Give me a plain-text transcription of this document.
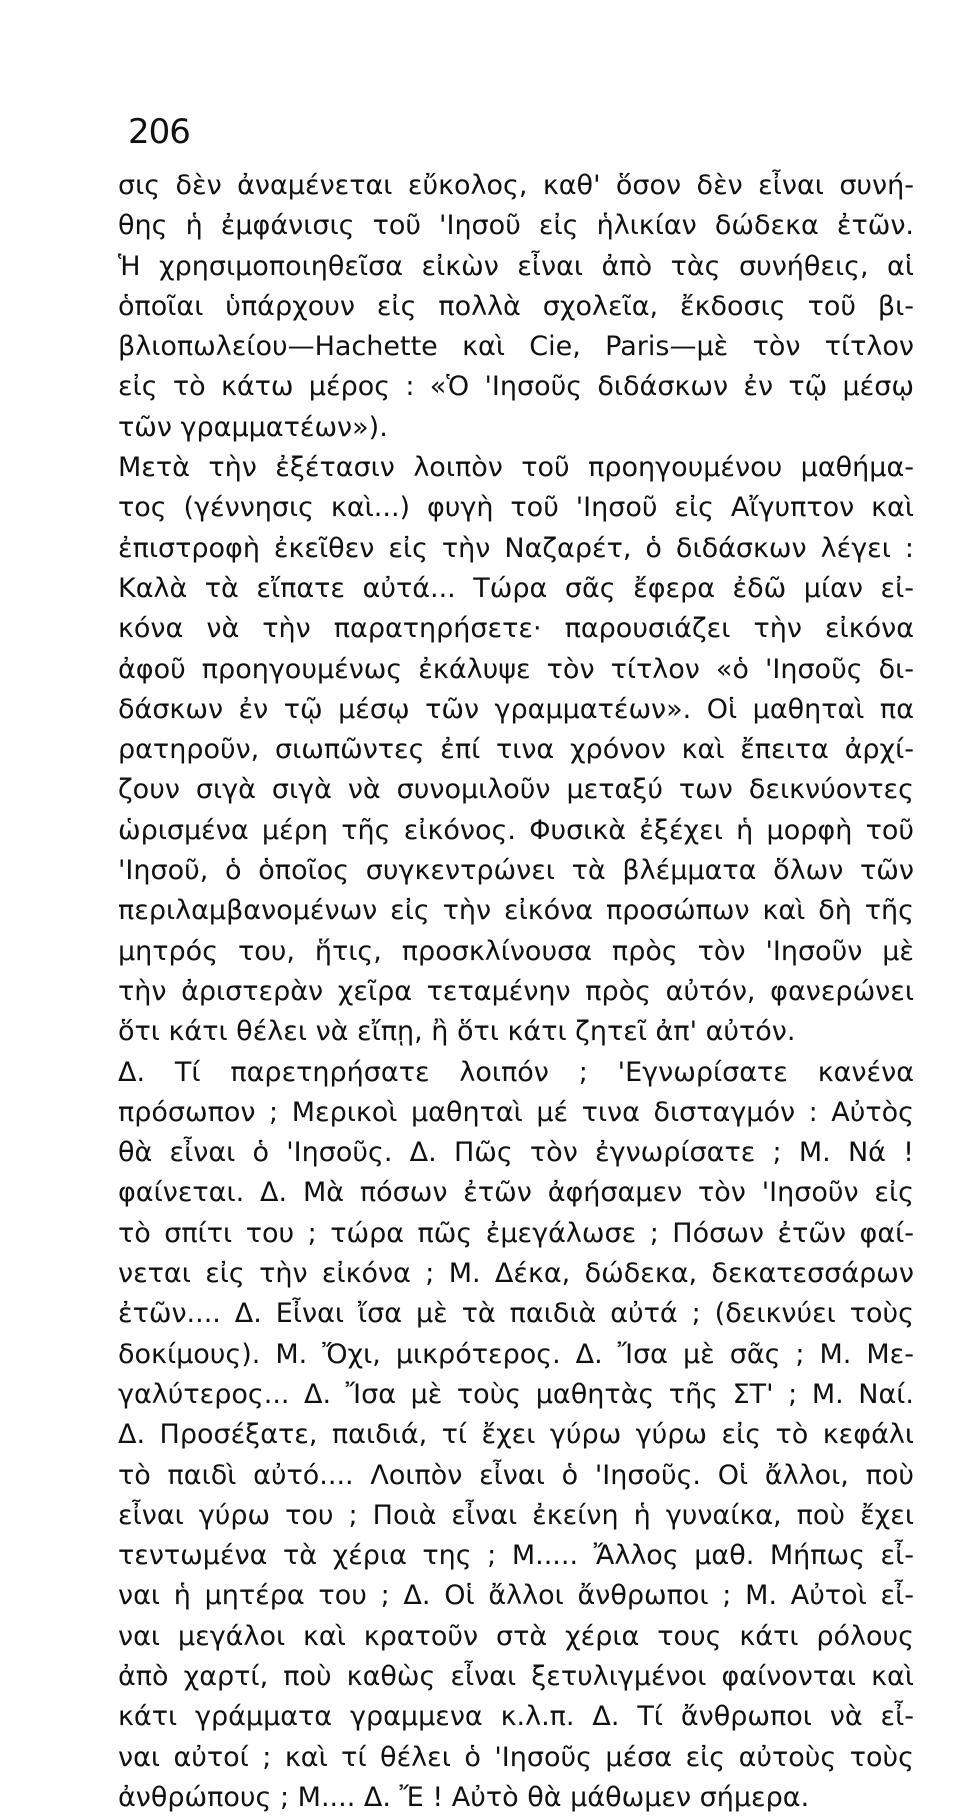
206
σις δὲν ἀναμένεται εὔκολος, καθ' ὅσον δὲν εἶναι συνή-
θης ἡ ἐμφάνισις τοῦ 'Ιησοῦ εἰς ἡλικίαν δώδεκα ἐτῶν.
Ἡ χρησιμοποιηθεῖσα εἰκὼν εἶναι ἀπὸ τὰς συνήθεις, αἱ
ὁποῖαι ὑπάρχουν εἰς πολλὰ σχολεῖα, ἔκδοσις τοῦ βι-
βλιοπωλείου—Hachette καὶ Cie, Paris—μὲ τὸν τίτλον
εἰς τὸ κάτω μέρος : «Ὁ 'Ιησοῦς διδάσκων ἐν τῷ μέσῳ
τῶν γραμματέων»).
Μετὰ τὴν ἐξέτασιν λοιπὸν τοῦ προηγουμένου μαθήμα-
τος (γέννησις καὶ...) φυγὴ τοῦ 'Ιησοῦ εἰς Αἴγυπτον καὶ
ἐπιστροφὴ ἐκεῖθεν εἰς τὴν Ναζαρέτ, ὁ διδάσκων λέγει :
Καλὰ τὰ εἴπατε αὐτά... Τώρα σᾶς ἔφερα ἐδῶ μίαν εἰ-
κόνα νὰ τὴν παρατηρήσετε· παρουσιάζει τὴν εἰκόνα
ἀφοῦ προηγουμένως ἐκάλυψε τὸν τίτλον «ὁ 'Ιησοῦς δι-
δάσκων ἐν τῷ μέσῳ τῶν γραμματέων». Οἱ μαθηταὶ πα
ρατηροῦν, σιωπῶντες ἐπί τινα χρόνον καὶ ἔπειτα ἀρχί-
ζουν σιγὰ σιγὰ νὰ συνομιλοῦν μεταξύ των δεικνύοντες
ὡρισμένα μέρη τῆς εἰκόνος. Φυσικὰ ἐξέχει ἡ μορφὴ τοῦ
'Ιησοῦ, ὁ ὁποῖος συγκεντρώνει τὰ βλέμματα ὅλων τῶν
περιλαμβανομένων εἰς τὴν εἰκόνα προσώπων καὶ δὴ τῆς
μητρός του, ἥτις, προσκλίνουσα πρὸς τὸν 'Ιησοῦν μὲ
τὴν ἀριστερὰν χεῖρα τεταμένην πρὸς αὐτόν, φανερώνει
ὅτι κάτι θέλει νὰ εἴπῃ, ἢ ὅτι κάτι ζητεῖ ἀπ' αὐτόν.
Δ. Τί παρετηρήσατε λοιπόν ; 'Εγνωρίσατε κανένα
πρόσωπον ; Μερικοὶ μαθηταὶ μέ τινα δισταγμόν : Αὐτὸς
θὰ εἶναι ὁ 'Ιησοῦς. Δ. Πῶς τὸν ἐγνωρίσατε ; Μ. Νά !
φαίνεται. Δ. Μὰ πόσων ἐτῶν ἀφήσαμεν τὸν 'Ιησοῦν εἰς
τὸ σπίτι του ; τώρα πῶς ἐμεγάλωσε ; Πόσων ἐτῶν φαί-
νεται εἰς τὴν εἰκόνα ; Μ. Δέκα, δώδεκα, δεκατεσσάρων
ἐτῶν.... Δ. Εἶναι ἴσα μὲ τὰ παιδιὰ αὐτά ; (δεικνύει τοὺς
δοκίμους). Μ. Ὄχι, μικρότερος. Δ. Ἴσα μὲ σᾶς ; Μ. Με-
γαλύτερος... Δ. Ἴσα μὲ τοὺς μαθητὰς τῆς ΣΤ' ; Μ. Ναί.
Δ. Προσέξατε, παιδιά, τί ἔχει γύρω γύρω εἰς τὸ κεφάλι
τὸ παιδὶ αὐτό.... Λοιπὸν εἶναι ὁ 'Ιησοῦς. Οἱ ἄλλοι, ποὺ
εἶναι γύρω του ; Ποιὰ εἶναι ἐκείνη ἡ γυναίκα, ποὺ ἔχει
τεντωμένα τὰ χέρια της ; Μ..... Ἄλλος μαθ. Μήπως εἶ-
ναι ἡ μητέρα του ; Δ. Οἱ ἄλλοι ἄνθρωποι ; Μ. Αὐτοὶ εἶ-
ναι μεγάλοι καὶ κρατοῦν στὰ χέρια τους κάτι ρόλους
ἀπὸ χαρτί, ποὺ καθὼς εἶναι ξετυλιγμένοι φαίνονται καὶ
κάτι γράμματα γραμμενα κ.λ.π. Δ. Τί ἄνθρωποι νὰ εἶ-
ναι αὐτοί ; καὶ τί θέλει ὁ 'Ιησοῦς μέσα εἰς αὐτοὺς τοὺς
ἀνθρώπους ; Μ.... Δ. Ἔ ! Αὐτὸ θὰ μάθωμεν σήμερα.
